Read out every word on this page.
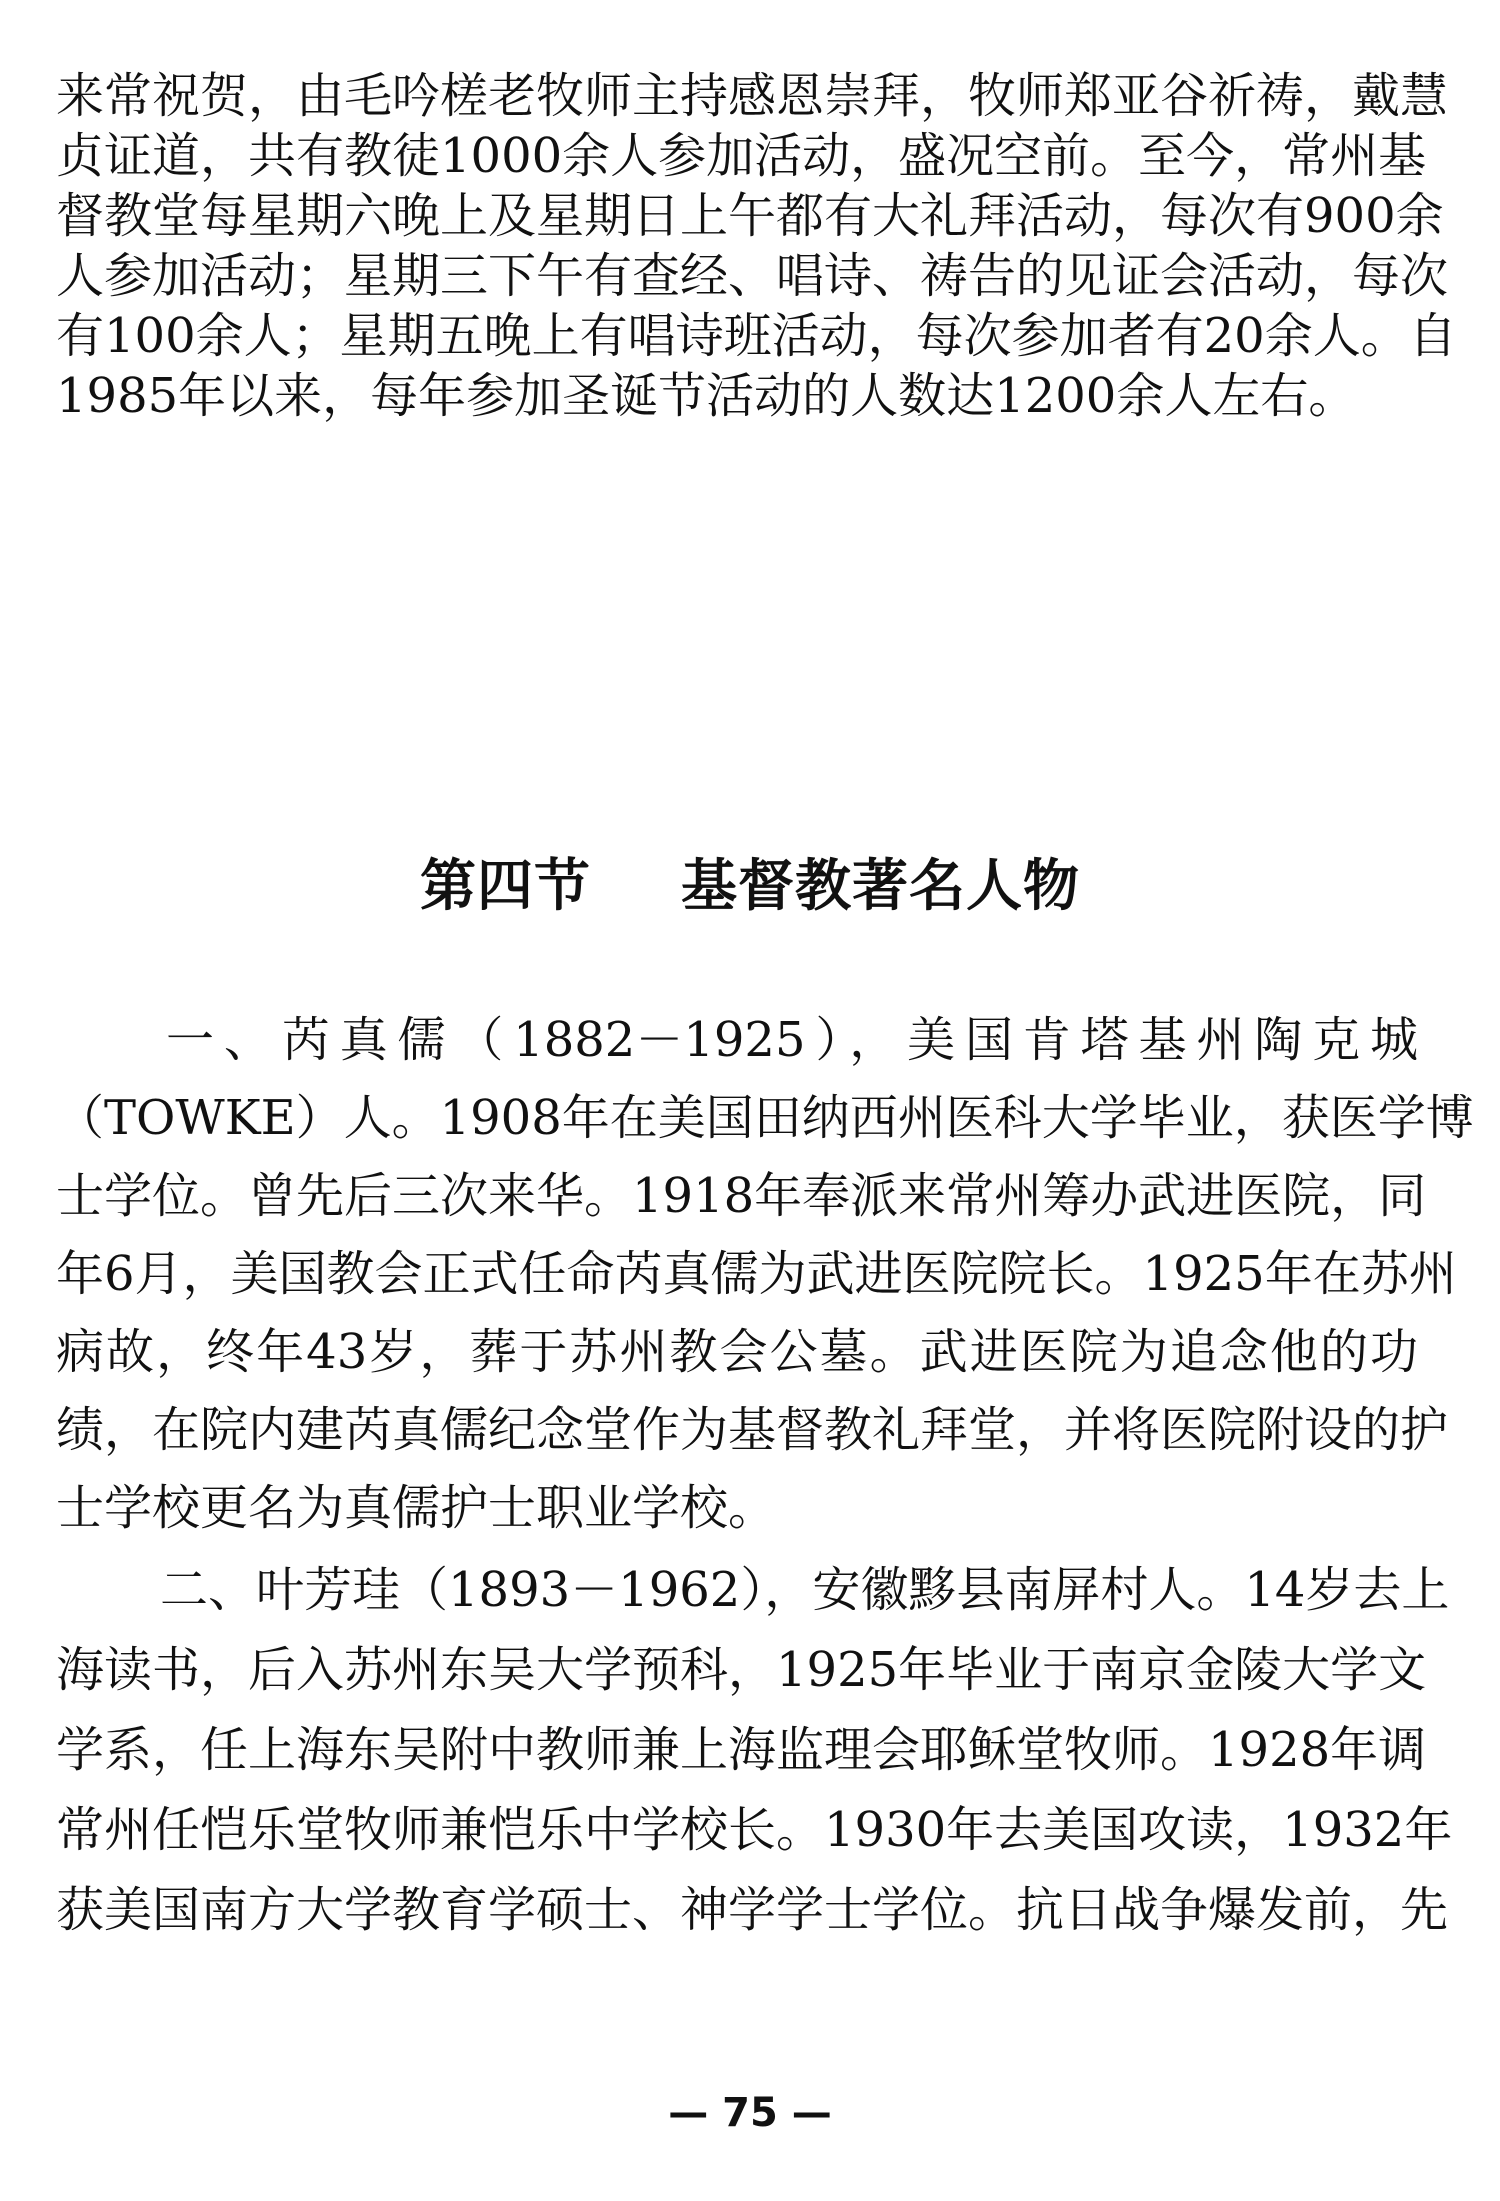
来常祝贺，由毛吟槎老牧师主持感恩崇拜，牧师郑亚谷祈祷，戴慧
贞证道，共有教徒1000余人参加活动，盛况空前。至今，常州基
督教堂每星期六晚上及星期日上午都有大礼拜活动，每次有900余
人参加活动；星期三下午有查经、唱诗、祷告的见证会活动，每次
有100余人；星期五晚上有唱诗班活动，每次参加者有20余人。自
1985年以来，每年参加圣诞节活动的人数达1200余人左右。
第四节 基督教著名人物
一、芮真儒（1882－1925），美国肯塔基州陶克城
（TOWKE）人。1908年在美国田纳西州医科大学毕业，获医学博
士学位。曾先后三次来华。1918年奉派来常州筹办武进医院，同
年6月，美国教会正式任命芮真儒为武进医院院长。1925年在苏州
病故，终年43岁，葬于苏州教会公墓。武进医院为追念他的功
绩，在院内建芮真儒纪念堂作为基督教礼拜堂，并将医院附设的护
士学校更名为真儒护士职业学校。
二、叶芳珪（1893－1962），安徽黟县南屏村人。14岁去上
海读书，后入苏州东吴大学预科，1925年毕业于南京金陵大学文
学系，任上海东吴附中教师兼上海监理会耶稣堂牧师。1928年调
常州任恺乐堂牧师兼恺乐中学校长。1930年去美国攻读，1932年
获美国南方大学教育学硕士、神学学士学位。抗日战争爆发前，先
— 75 —
